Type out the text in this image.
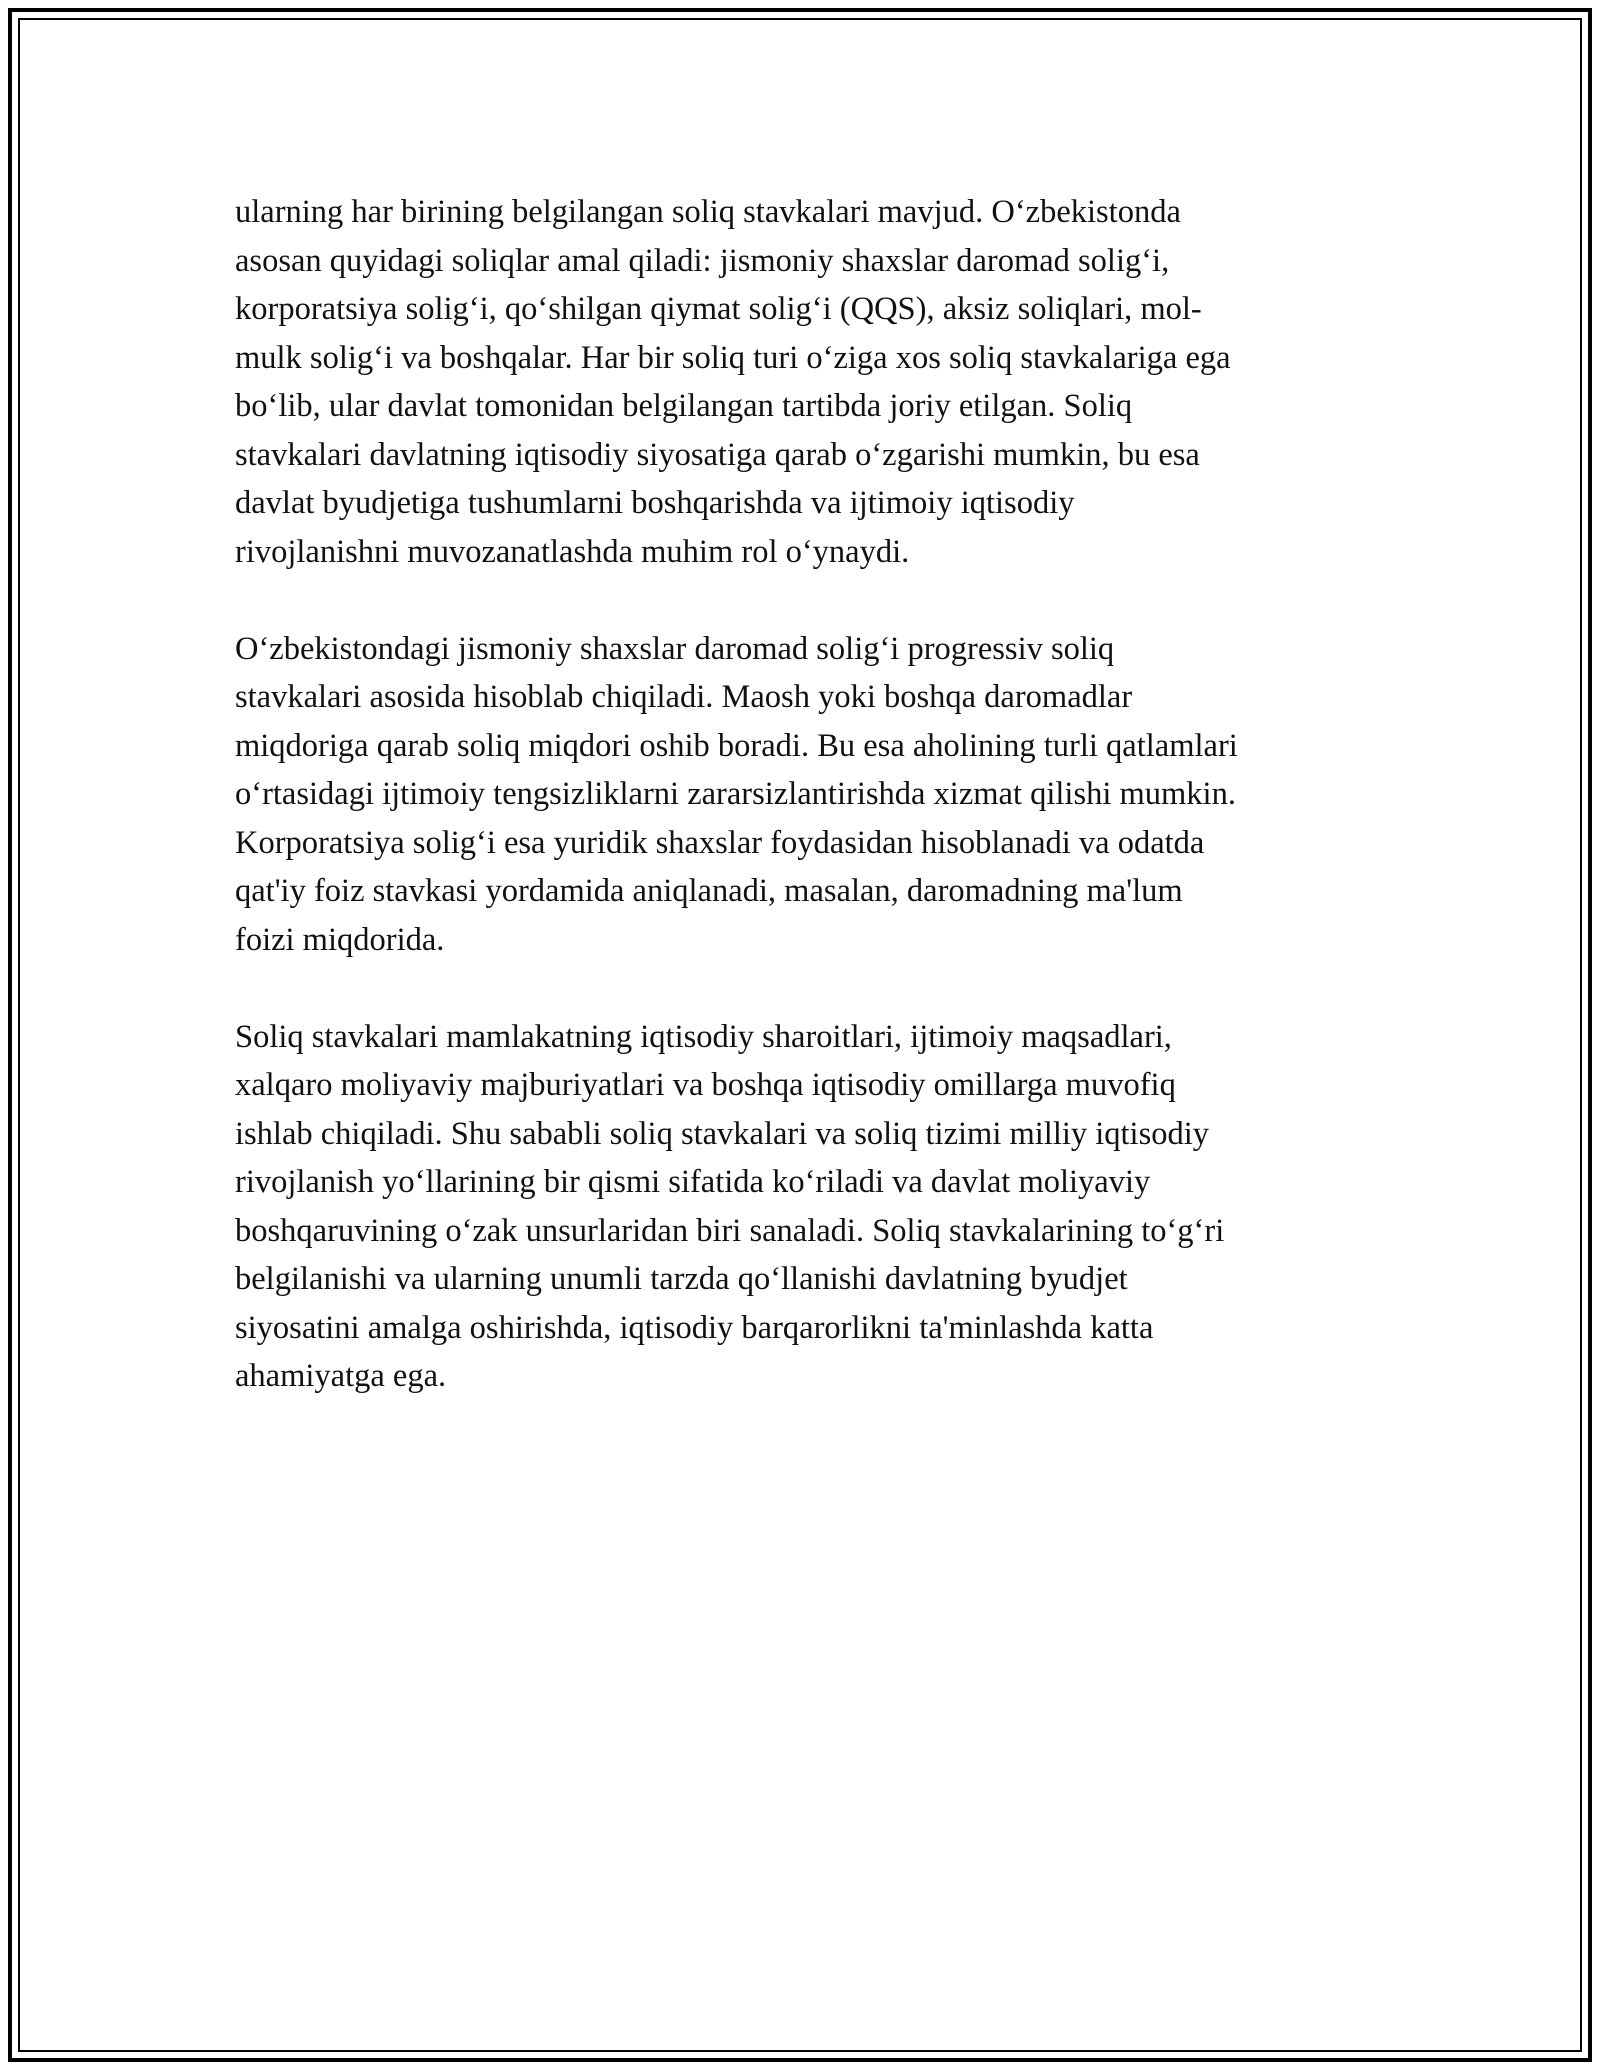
ularning har birining belgilangan soliq stavkalari mavjud. O‘zbekistonda
asosan quyidagi soliqlar amal qiladi: jismoniy shaxslar daromad solig‘i,
korporatsiya solig‘i, qo‘shilgan qiymat solig‘i (QQS), aksiz soliqlari, mol-
mulk solig‘i va boshqalar. Har bir soliq turi o‘ziga xos soliq stavkalariga ega
bo‘lib, ular davlat tomonidan belgilangan tartibda joriy etilgan. Soliq
stavkalari davlatning iqtisodiy siyosatiga qarab o‘zgarishi mumkin, bu esa
davlat byudjetiga tushumlarni boshqarishda va ijtimoiy iqtisodiy
rivojlanishni muvozanatlashda muhim rol o‘ynaydi.

O‘zbekistondagi jismoniy shaxslar daromad solig‘i progressiv soliq
stavkalari asosida hisoblab chiqiladi. Maosh yoki boshqa daromadlar
miqdoriga qarab soliq miqdori oshib boradi. Bu esa aholining turli qatlamlari
o‘rtasidagi ijtimoiy tengsizliklarni zararsizlantirishda xizmat qilishi mumkin.
Korporatsiya solig‘i esa yuridik shaxslar foydasidan hisoblanadi va odatda
qat'iy foiz stavkasi yordamida aniqlanadi, masalan, daromadning ma'lum
foizi miqdorida.

Soliq stavkalari mamlakatning iqtisodiy sharoitlari, ijtimoiy maqsadlari,
xalqaro moliyaviy majburiyatlari va boshqa iqtisodiy omillarga muvofiq
ishlab chiqiladi. Shu sababli soliq stavkalari va soliq tizimi milliy iqtisodiy
rivojlanish yo‘llarining bir qismi sifatida ko‘riladi va davlat moliyaviy
boshqaruvining o‘zak unsurlaridan biri sanaladi. Soliq stavkalarining to‘g‘ri
belgilanishi va ularning unumli tarzda qo‘llanishi davlatning byudjet
siyosatini amalga oshirishda, iqtisodiy barqarorlikni ta'minlashda katta
ahamiyatga ega.
